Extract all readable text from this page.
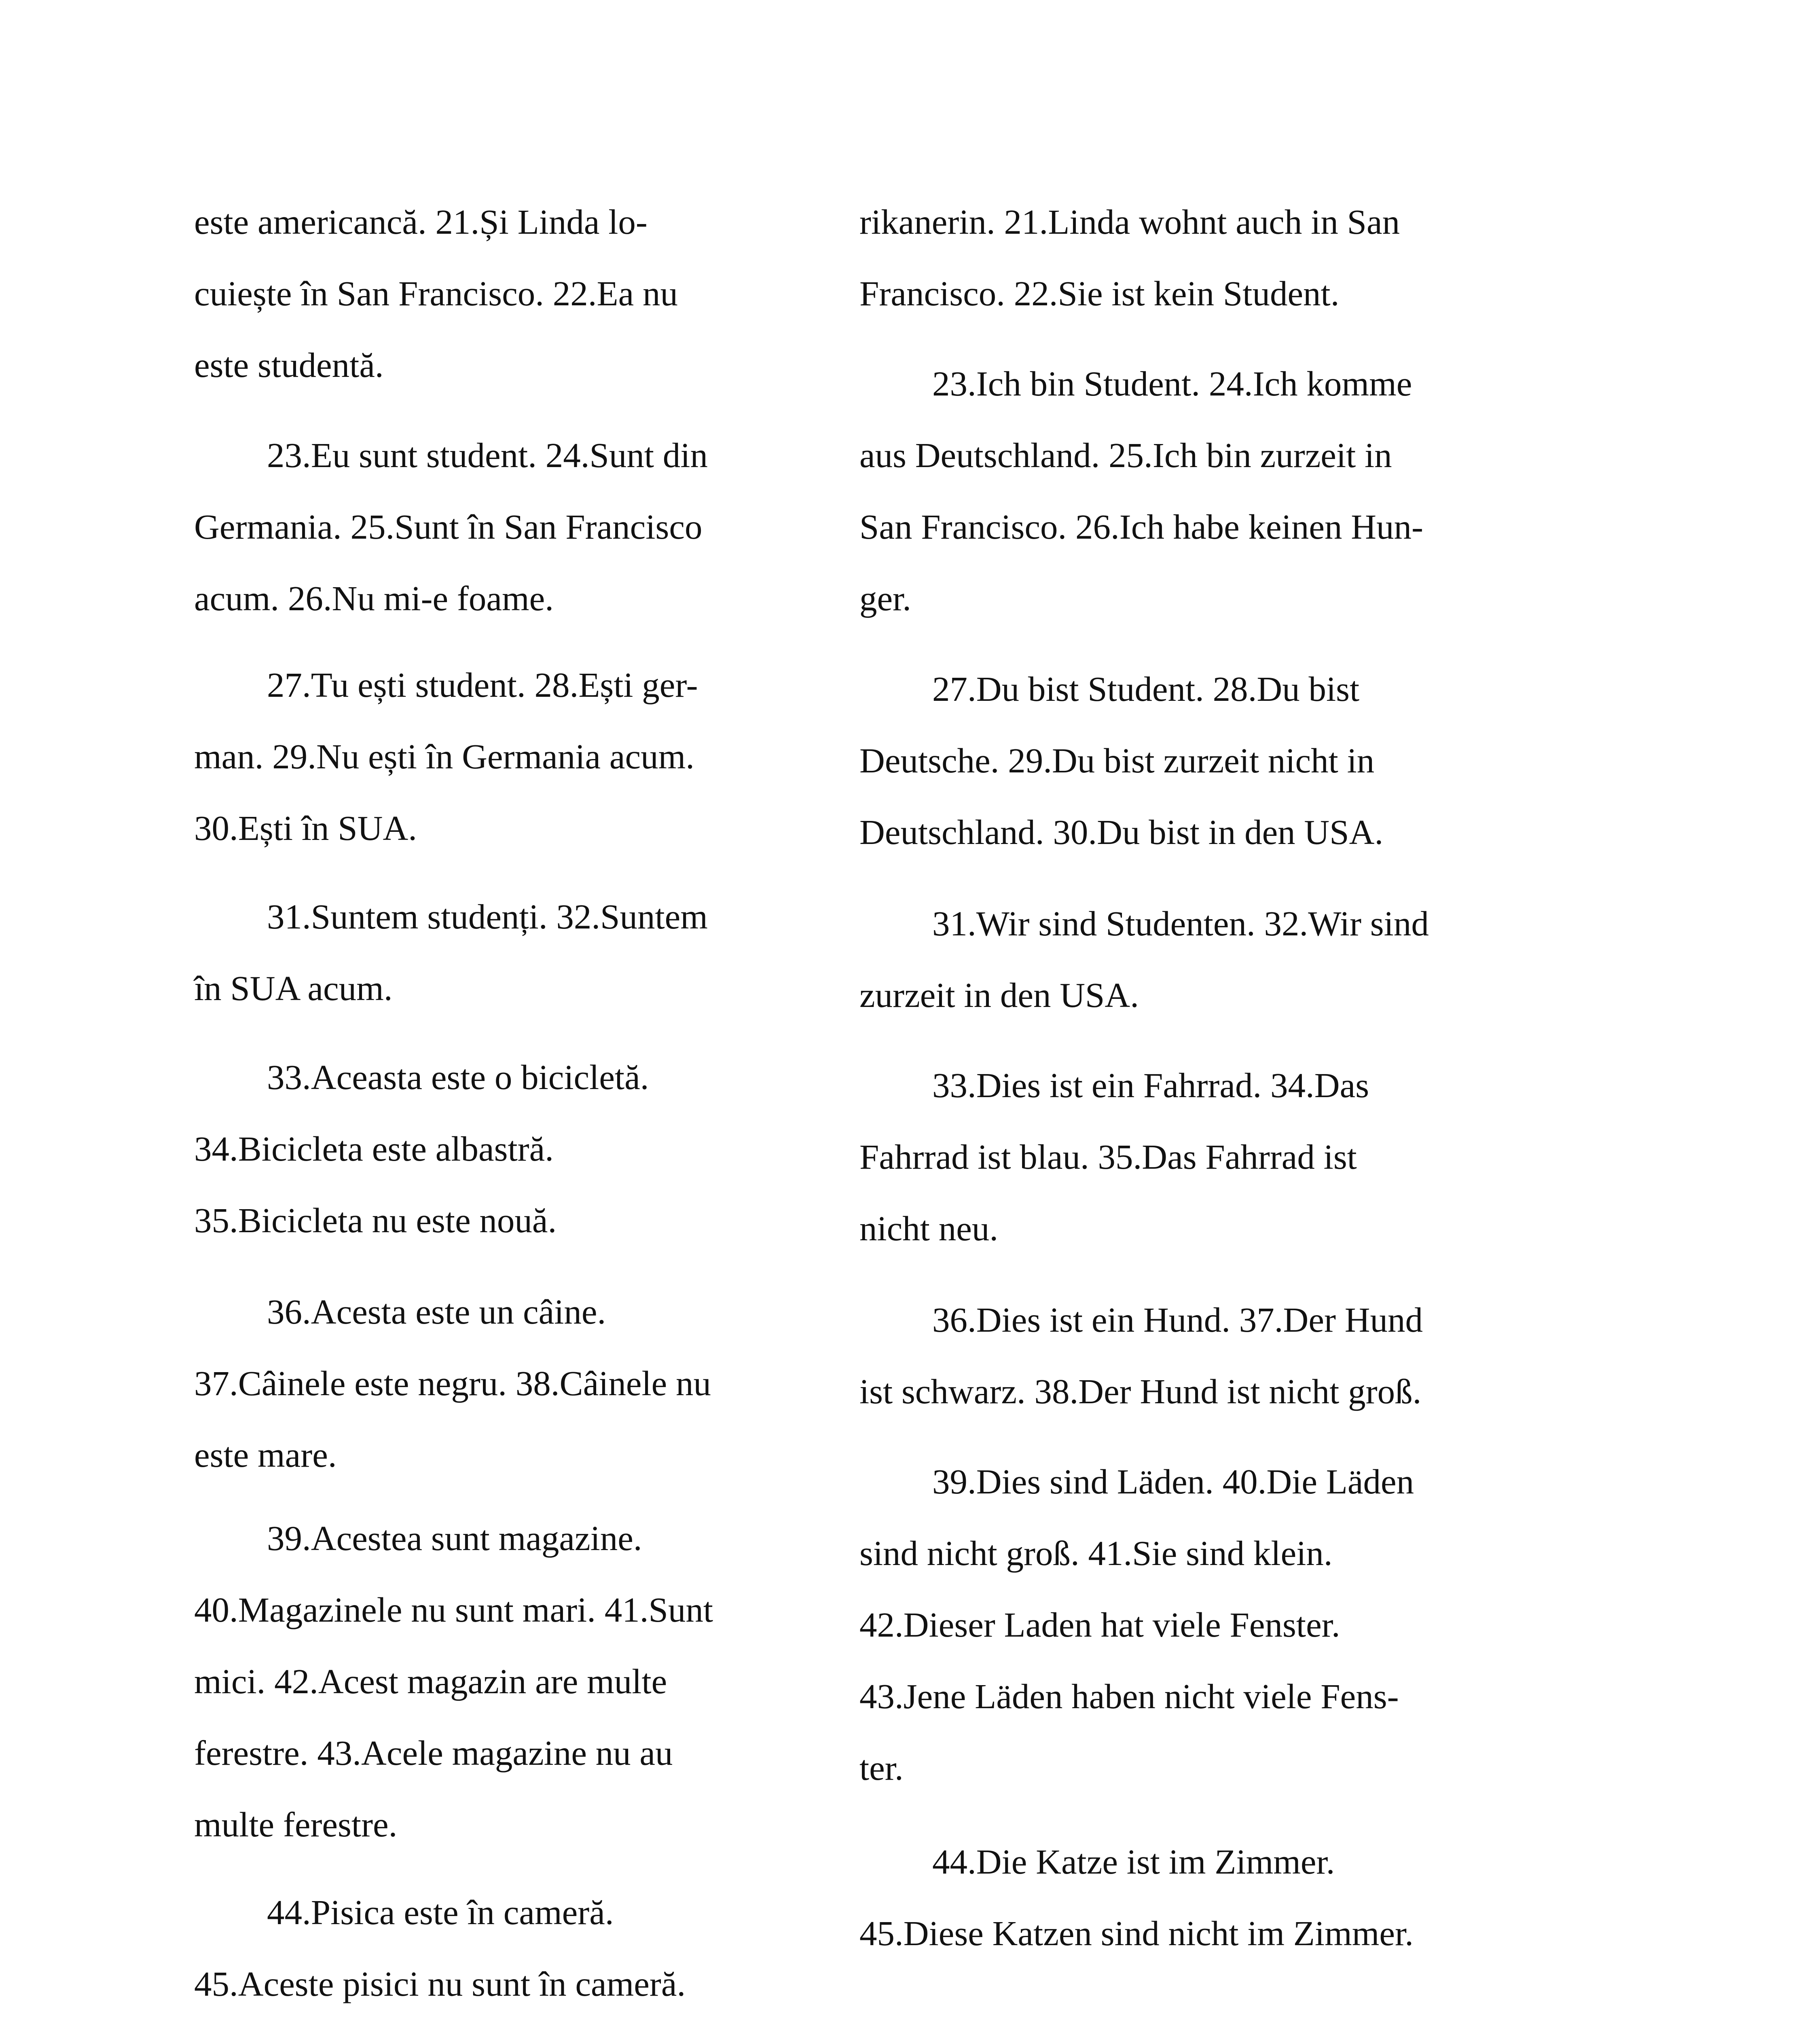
este americancă. 21.Și Linda lo-
cuiește în San Francisco. 22.Ea nu
este studentă.

23.Eu sunt student. 24.Sunt din
Germania. 25.Sunt în San Francisco
acum. 26.Nu mi-e foame.

27.Tu ești student. 28.Ești ger-
man. 29.Nu ești în Germania acum.
30.Ești în SUA.

31.Suntem studenți. 32.Suntem
în SUA acum.

33.Aceasta este o bicicletă.
34.Bicicleta este albastră.
35.Bicicleta nu este nouă.

36.Acesta este un câine.
37.Câinele este negru. 38.Câinele nu
este mare.

39.Acestea sunt magazine.
40.Magazinele nu sunt mari. 41.Sunt
mici. 42.Acest magazin are multe
ferestre. 43.Acele magazine nu au
multe ferestre.

44.Pisica este în cameră.
45.Aceste pisici nu sunt în cameră.

rikanerin. 21.Linda wohnt auch in San
Francisco. 22.Sie ist kein Student.

23.Ich bin Student. 24.Ich komme
aus Deutschland. 25.Ich bin zurzeit in
San Francisco. 26.Ich habe keinen Hun-
ger.

27.Du bist Student. 28.Du bist
Deutsche. 29.Du bist zurzeit nicht in
Deutschland. 30.Du bist in den USA.

31.Wir sind Studenten. 32.Wir sind
zurzeit in den USA.

33.Dies ist ein Fahrrad. 34.Das
Fahrrad ist blau. 35.Das Fahrrad ist
nicht neu.

36.Dies ist ein Hund. 37.Der Hund
ist schwarz. 38.Der Hund ist nicht groß.

39.Dies sind Läden. 40.Die Läden
sind nicht groß. 41.Sie sind klein.
42.Dieser Laden hat viele Fenster.
43.Jene Läden haben nicht viele Fens-
ter.

44.Die Katze ist im Zimmer.
45.Diese Katzen sind nicht im Zimmer.
